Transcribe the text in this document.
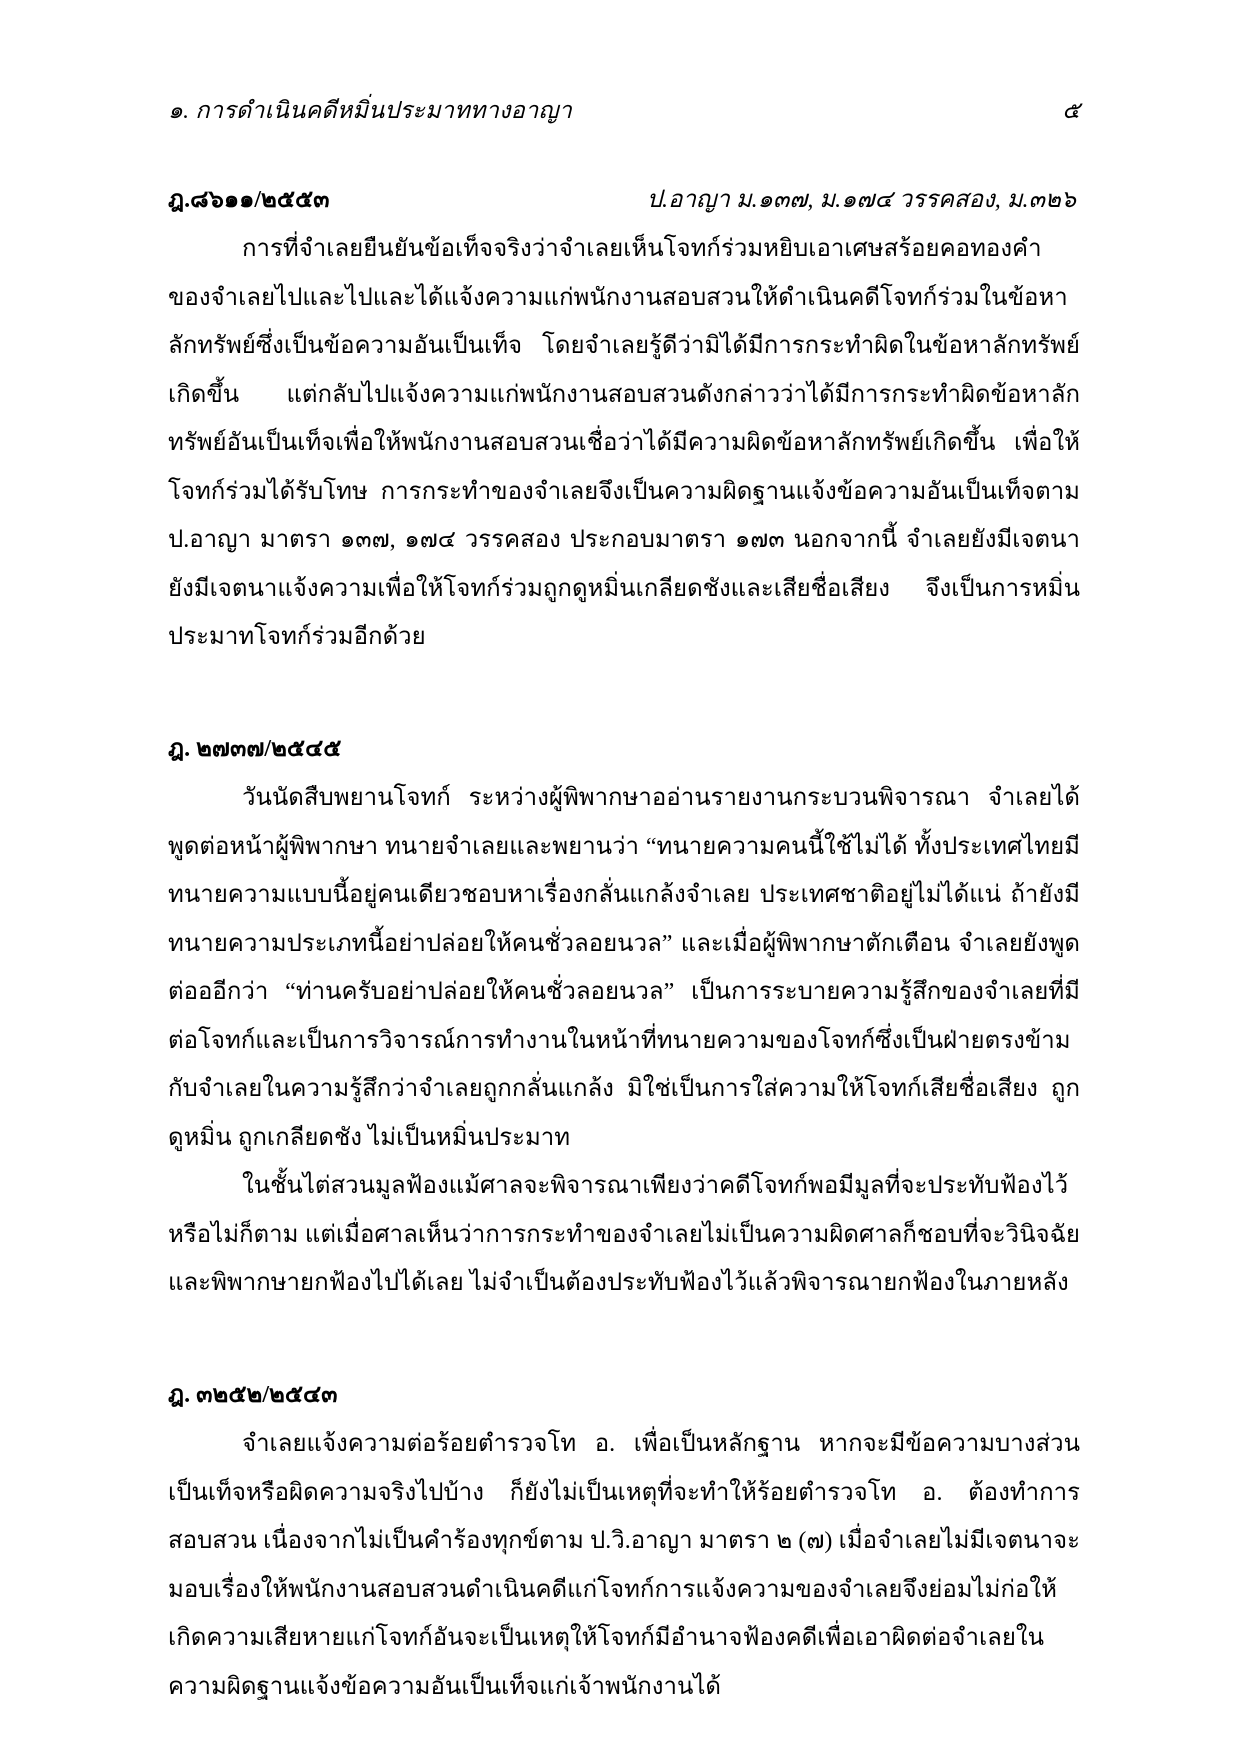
๑. การดำเนินคดีหมิ่นประมาททางอาญา	๕
ฎ.๘๖๑๑/๒๕๕๓	ป.อาญา ม.๑๓๗, ม.๑๗๔ วรรคสอง, ม.๓๒๖

การที่จำเลยยืนยันข้อเท็จจริงว่าจำเลยเห็นโจทก์ร่วมหยิบเอาเศษสร้อยคอทองคำของจำเลยไปและไปและได้แจ้งความแก่พนักงานสอบสวนให้ดำเนินคดีโจทก์ร่วมในข้อหาลักทรัพย์ซึ่งเป็นข้อความอันเป็นเท็จ โดยจำเลยรู้ดีว่ามิได้มีการกระทำผิดในข้อหาลักทรัพย์เกิดขึ้น แต่กลับไปแจ้งความแก่พนักงานสอบสวนดังกล่าวว่าได้มีการกระทำผิดข้อหาลักทรัพย์อันเป็นเท็จเพื่อให้พนักงานสอบสวนเชื่อว่าได้มีความผิดข้อหาลักทรัพย์เกิดขึ้น เพื่อให้โจทก์ร่วมได้รับโทษ การกระทำของจำเลยจึงเป็นความผิดฐานแจ้งข้อความอันเป็นเท็จตาม ป.อาญา มาตรา ๑๓๗, ๑๗๔ วรรคสอง ประกอบมาตรา ๑๗๓ นอกจากนี้ จำเลยยังมีเจตนายังมีเจตนาแจ้งความเพื่อให้โจทก์ร่วมถูกดูหมิ่นเกลียดชังและเสียชื่อเสียง จึงเป็นการหมิ่นประมาทโจทก์ร่วมอีกด้วย

ฎ. ๒๗๓๗/๒๕๔๕

วันนัดสืบพยานโจทก์ ระหว่างผู้พิพากษาออ่านรายงานกระบวนพิจารณา จำเลยได้พูดต่อหน้าผู้พิพากษา ทนายจำเลยและพยานว่า “ทนายความคนนี้ใช้ไม่ได้ ทั้งประเทศไทยมีทนายความแบบนี้อยู่คนเดียวชอบหาเรื่องกลั่นแกล้งจำเลย ประเทศชาติอยู่ไม่ได้แน่ ถ้ายังมีทนายความประเภทนี้อย่าปล่อยให้คนชั่วลอยนวล” และเมื่อผู้พิพากษาตักเตือน จำเลยยังพูดต่อออีกว่า “ท่านครับอย่าปล่อยให้คนชั่วลอยนวล” เป็นการระบายความรู้สึกของจำเลยที่มีต่อโจทก์และเป็นการวิจารณ์การทำงานในหน้าที่ทนายความของโจทก์ซึ่งเป็นฝ่ายตรงข้ามกับจำเลยในความรู้สึกว่าจำเลยถูกกลั่นแกล้ง มิใช่เป็นการใส่ความให้โจทก์เสียชื่อเสียง ถูกดูหมิ่น ถูกเกลียดชัง ไม่เป็นหมิ่นประมาท

ในชั้นไต่สวนมูลฟ้องแม้ศาลจะพิจารณาเพียงว่าคดีโจทก์พอมีมูลที่จะประทับฟ้องไว้หรือไม่ก็ตาม แต่เมื่อศาลเห็นว่าการกระทำของจำเลยไม่เป็นความผิดศาลก็ชอบที่จะวินิจฉัยและพิพากษายกฟ้องไปได้เลย ไม่จำเป็นต้องประทับฟ้องไว้แล้วพิจารณายกฟ้องในภายหลัง

ฎ. ๓๒๕๒/๒๕๔๓

จำเลยแจ้งความต่อร้อยตำรวจโท อ. เพื่อเป็นหลักฐาน หากจะมีข้อความบางส่วนเป็นเท็จหรือผิดความจริงไปบ้าง ก็ยังไม่เป็นเหตุที่จะทำให้ร้อยตำรวจโท อ. ต้องทำการสอบสวน เนื่องจากไม่เป็นคำร้องทุกข์ตาม ป.วิ.อาญา มาตรา ๒ (๗) เมื่อจำเลยไม่มีเจตนาจะมอบเรื่องให้พนักงานสอบสวนดำเนินคดีแก่โจทก์การแจ้งความของจำเลยจึงย่อมไม่ก่อให้เกิดความเสียหายแก่โจทก์อันจะเป็นเหตุให้โจทก์มีอำนาจฟ้องคดีเพื่อเอาผิดต่อจำเลยในความผิดฐานแจ้งข้อความอันเป็นเท็จแก่เจ้าพนักงานได้
